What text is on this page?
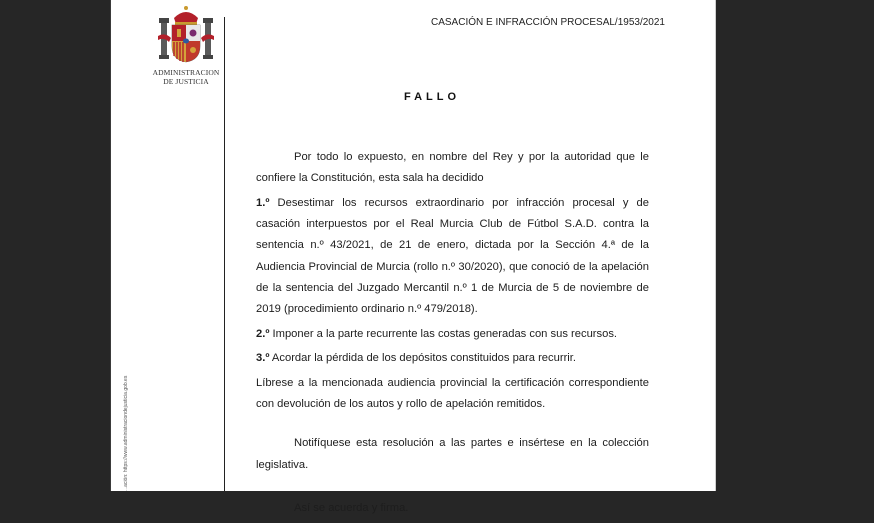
ADMINISTRACION
DE JUSTICIA
...ación: https://www.administraciondejusticia.gob.es
CASACIÓN E INFRACCIÓN PROCESAL/1953/2021
FALLO

Por todo lo expuesto, en nombre del Rey y por la autoridad que le confiere la Constitución, esta sala ha decidido

1.º Desestimar los recursos extraordinario por infracción procesal y de casación interpuestos por el Real Murcia Club de Fútbol S.A.D. contra la sentencia n.º 43/2021, de 21 de enero, dictada por la Sección 4.ª de la Audiencia Provincial de Murcia (rollo n.º 30/2020), que conoció de la apelación de la sentencia del Juzgado Mercantil n.º 1 de Murcia de 5 de noviembre de 2019 (procedimiento ordinario n.º 479/2018).

2.º Imponer a la parte recurrente las costas generadas con sus recursos.

3.º Acordar la pérdida de los depósitos constituidos para recurrir.

Líbrese a la mencionada audiencia provincial la certificación correspondiente con devolución de los autos y rollo de apelación remitidos.

Notifíquese esta resolución a las partes e insértese en la colección legislativa.

Así se acuerda y firma.
